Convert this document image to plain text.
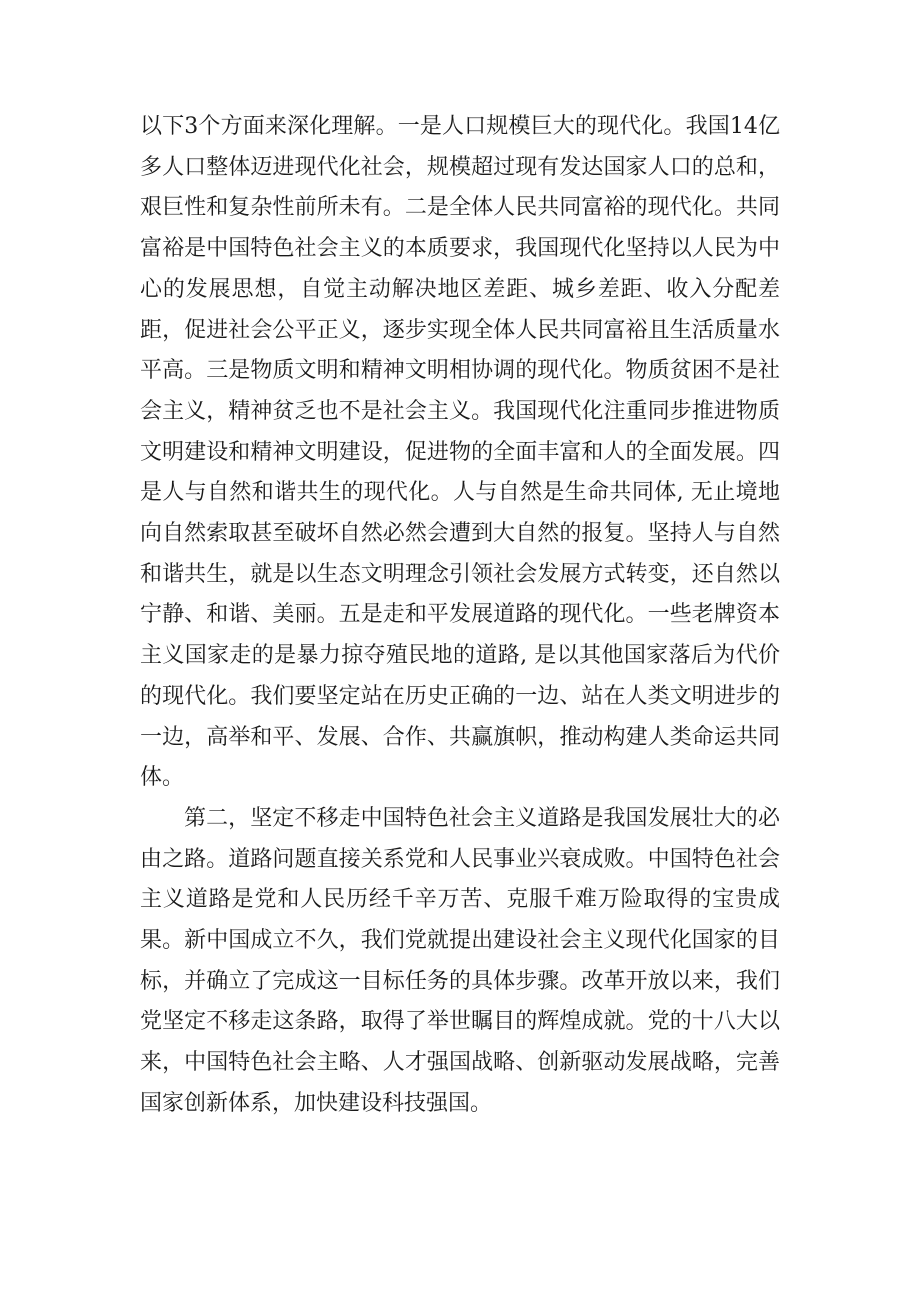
以下3个方面来深化理解。一是人口规模巨大的现代化。我国14亿多人口整体迈进现代化社会，规模超过现有发达国家人口的总和，艰巨性和复杂性前所未有。二是全体人民共同富裕的现代化。共同富裕是中国特色社会主义的本质要求，我国现代化坚持以人民为中心的发展思想，自觉主动解决地区差距、城乡差距、收入分配差距，促进社会公平正义，逐步实现全体人民共同富裕且生活质量水平高。三是物质文明和精神文明相协调的现代化。物质贫困不是社会主义，精神贫乏也不是社会主义。我国现代化注重同步推进物质文明建设和精神文明建设，促进物的全面丰富和人的全面发展。四是人与自然和谐共生的现代化。人与自然是生命共同体, 无止境地向自然索取甚至破坏自然必然会遭到大自然的报复。坚持人与自然和谐共生，就是以生态文明理念引领社会发展方式转变，还自然以宁静、和谐、美丽。五是走和平发展道路的现代化。一些老牌资本主义国家走的是暴力掠夺殖民地的道路, 是以其他国家落后为代价的现代化。我们要坚定站在历史正确的一边、站在人类文明进步的一边，高举和平、发展、合作、共赢旗帜，推动构建人类命运共同体。

第二，坚定不移走中国特色社会主义道路是我国发展壮大的必由之路。道路问题直接关系党和人民事业兴衰成败。中国特色社会主义道路是党和人民历经千辛万苦、克服千难万险取得的宝贵成果。新中国成立不久，我们党就提出建设社会主义现代化国家的目标，并确立了完成这一目标任务的具体步骤。改革开放以来，我们党坚定不移走这条路，取得了举世瞩目的辉煌成就。党的十八大以来，中国特色社会主略、人才强国战略、创新驱动发展战略，完善国家创新体系，加快建设科技强国。
